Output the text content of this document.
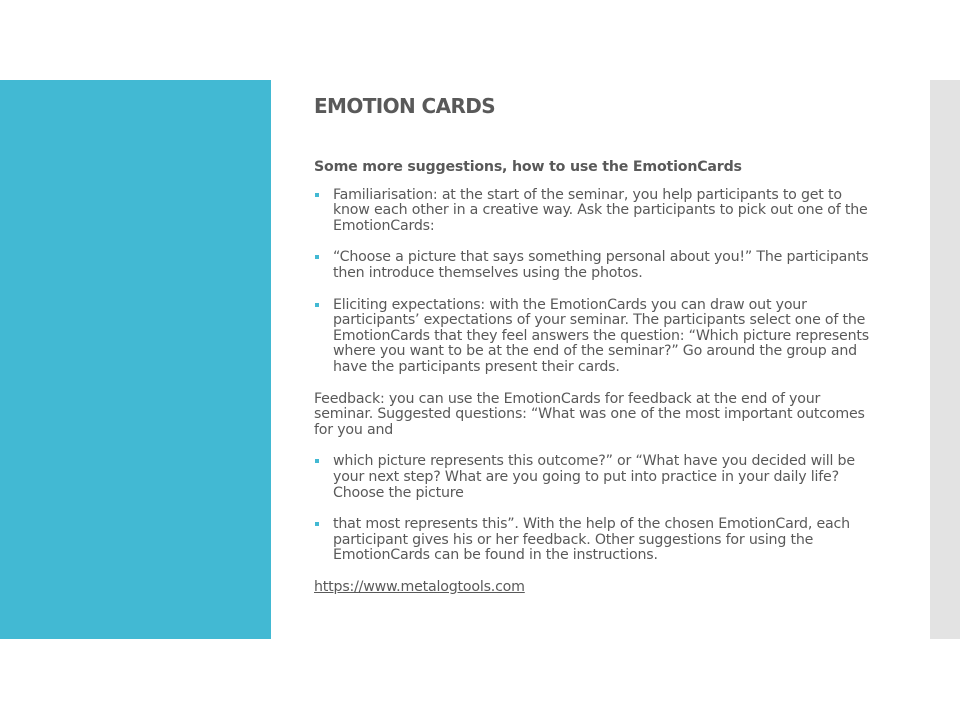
EMOTION CARDS

Some more suggestions, how to use the EmotionCards

Familiarisation: at the start of the seminar, you help participants to get to know each other in a creative way. Ask the participants to pick out one of the EmotionCards:
“Choose a picture that says something personal about you!” The participants then introduce themselves using the photos.
Eliciting expectations: with the EmotionCards you can draw out your participants’ expectations of your seminar. The participants select one of the EmotionCards that they feel answers the question: “Which picture represents where you want to be at the end of the seminar?” Go around the group and have the participants present their cards.

Feedback: you can use the EmotionCards for feedback at the end of your seminar. Suggested questions: “What was one of the most important outcomes for you and

which picture represents this outcome?” or “What have you decided will be your next step? What are you going to put into practice in your daily life? Choose the picture
that most represents this”. With the help of the chosen EmotionCard, each participant gives his or her feedback. Other suggestions for using the EmotionCards can be found in the instructions.

https://www.metalogtools.com
